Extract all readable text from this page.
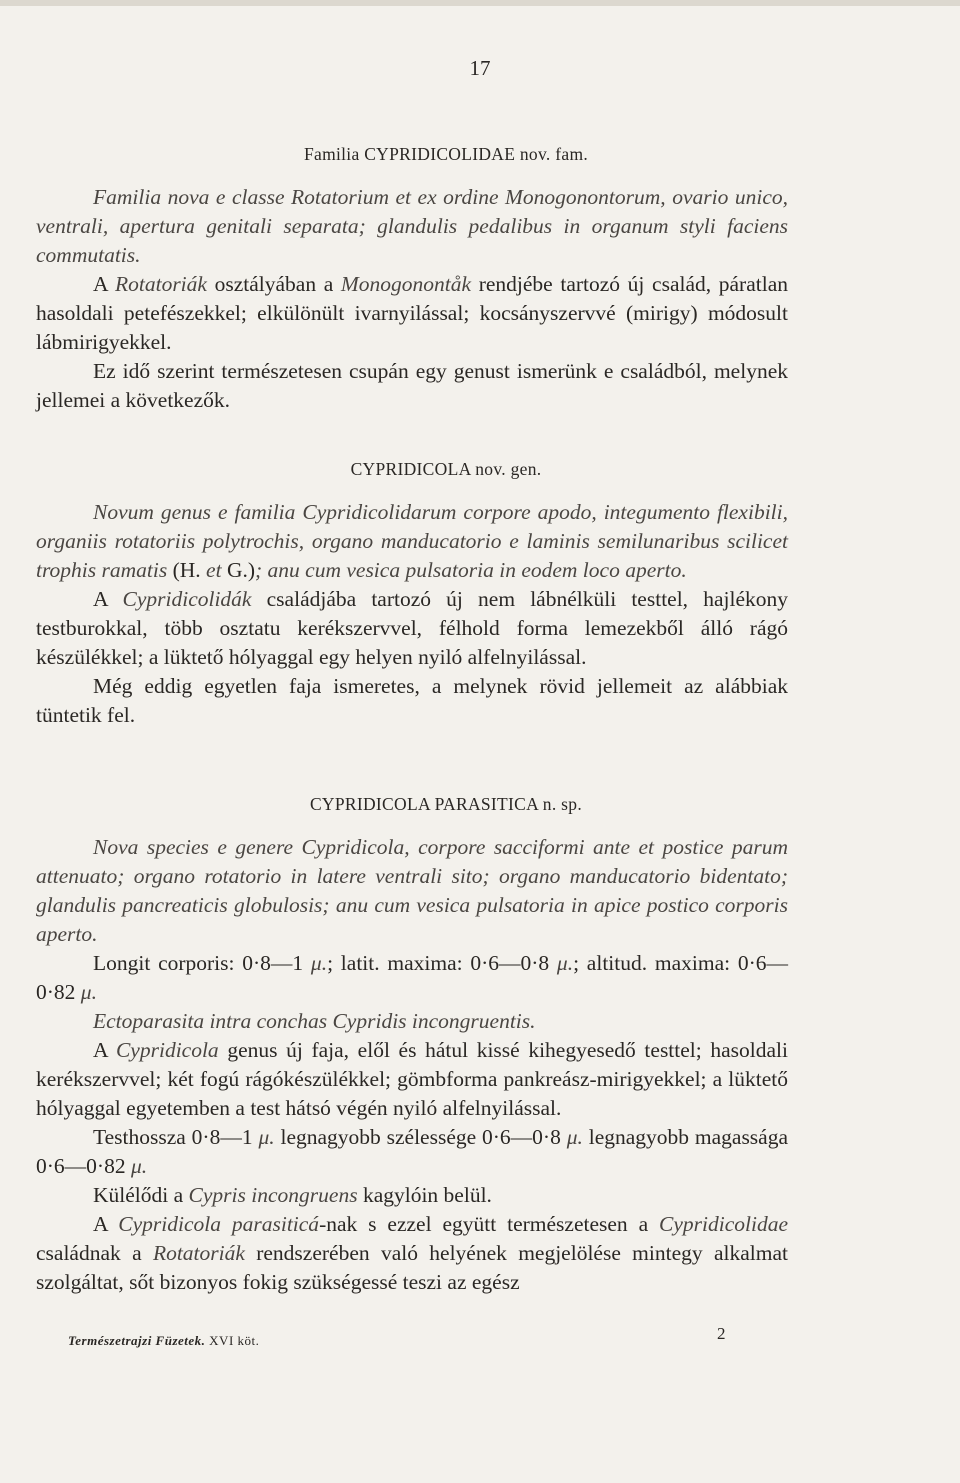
17
Familia CYPRIDICOLIDAE nov. fam.

Familia nova e classe Rotatorium et ex ordine Monogonontorum, ovario unico, ventrali, apertura genitali separata; glandulis pedalibus in organum styli faciens commutatis.

A Rotatoriák osztályában a Monogonontåk rendjébe tartozó új család, páratlan hasoldali petefészekkel; elkülönült ivarnyilással; kocsányszervvé (mirigy) módosult lábmirigyekkel.

Ez idő szerint természetesen csupán egy genust ismerünk e családból, melynek jellemei a következők.

CYPRIDICOLA nov. gen.

Novum genus e familia Cypridicolidarum corpore apodo, integumento flexibili, organiis rotatoriis polytrochis, organo manducatorio e laminis semilunaribus scilicet trophis ramatis (H. et G.); anu cum vesica pulsatoria in eodem loco aperto.

A Cypridicolidák családjába tartozó új nem lábnélküli testtel, hajlékony testburokkal, több osztatu kerékszervvel, félhold forma lemezekből álló rágó készülékkel; a lüktető hólyaggal egy helyen nyiló alfelnyilással.

Még eddig egyetlen faja ismeretes, a melynek rövid jellemeit az alábbiak tüntetik fel.

CYPRIDICOLA PARASITICA n. sp.

Nova species e genere Cypridicola, corpore sacciformi ante et postice parum attenuato; organo rotatorio in latere ventrali sito; organo manducatorio bidentato; glandulis pancreaticis globulosis; anu cum vesica pulsatoria in apice postico corporis aperto.

Longit corporis: 0·8—1 μ.; latit. maxima: 0·6—0·8 μ.; altitud. maxima: 0·6—0·82 μ.

Ectoparasita intra conchas Cypridis incongruentis.

A Cypridicola genus új faja, elől és hátul kissé kihegyesedő testtel; hasoldali kerékszervvel; két fogú rágókészülékkel; gömbforma pankreász-mirigyekkel; a lüktető hólyaggal egyetemben a test hátsó végén nyiló alfelnyilással.

Testhossza 0·8—1 μ. legnagyobb szélessége 0·6—0·8 μ. legnagyobb magassága 0·6—0·82 μ.

Külélődi a Cypris incongruens kagylóin belül.

A Cypridicola parasiticá-nak s ezzel együtt természetesen a Cypridicolidae családnak a Rotatoriák rendszerében való helyének megjelölése mintegy alkalmat szolgáltat, sőt bizonyos fokig szükségessé teszi az egész

Természetrajzi Füzetek. XVI köt.	2
